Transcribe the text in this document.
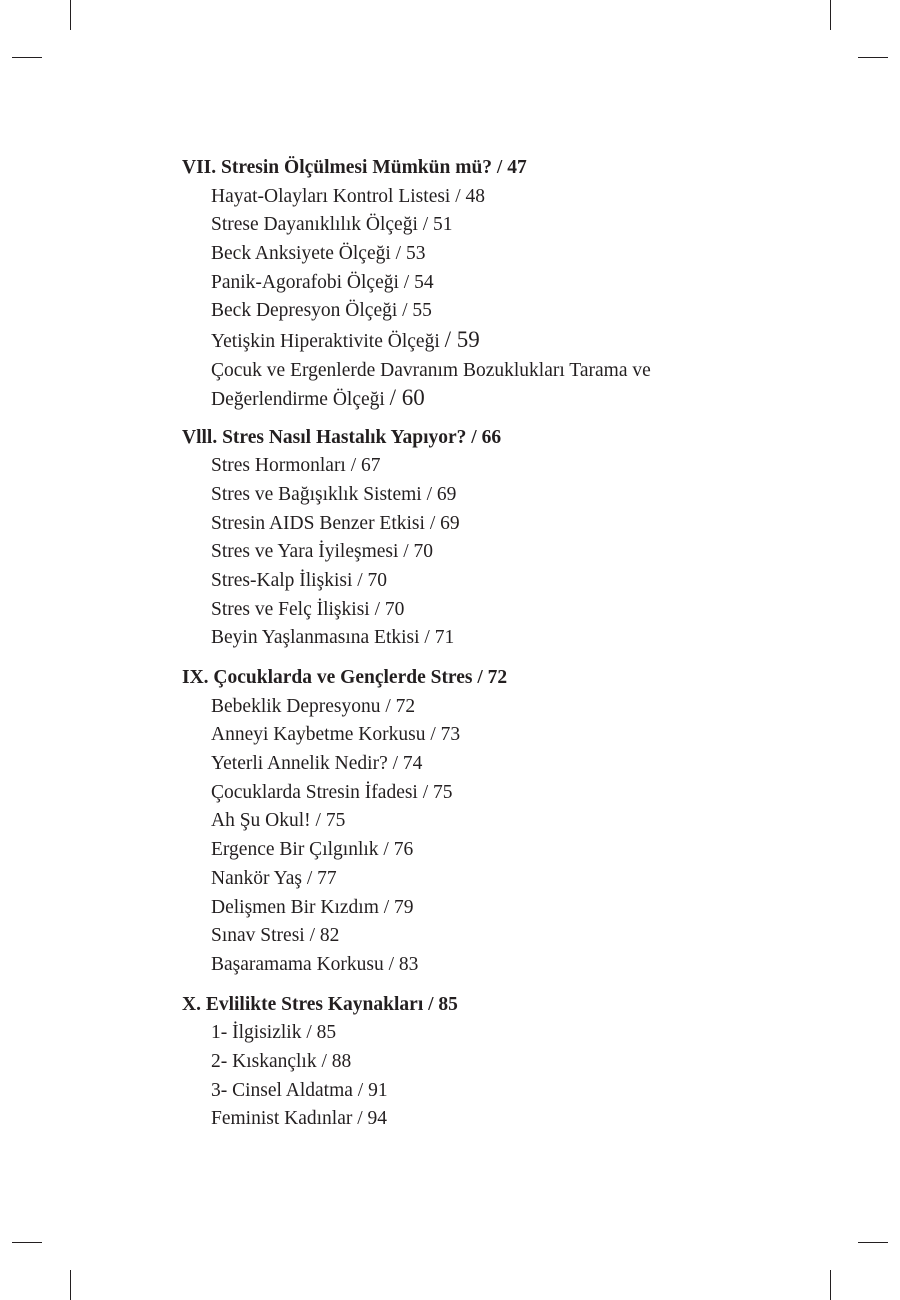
VII. Stresin Ölçülmesi Mümkün mü? / 47

Hayat-Olayları Kontrol Listesi / 48
Strese Dayanıklılık Ölçeği / 51
Beck Anksiyete Ölçeği / 53
Panik-Agorafobi Ölçeği / 54
Beck Depresyon Ölçeği / 55
Yetişkin Hiperaktivite Ölçeği / 59
Çocuk ve Ergenlerde Davranım Bozuklukları Tarama ve
Değerlendirme Ölçeği / 60

Vlll. Stres Nasıl Hastalık Yapıyor? / 66

Stres Hormonları / 67
Stres ve Bağışıklık Sistemi / 69
Stresin AIDS Benzer Etkisi / 69
Stres ve Yara İyileşmesi / 70
Stres-Kalp İlişkisi / 70
Stres ve Felç İlişkisi / 70
Beyin Yaşlanmasına Etkisi / 71

IX. Çocuklarda ve Gençlerde Stres / 72

Bebeklik Depresyonu / 72
Anneyi Kaybetme Korkusu / 73
Yeterli Annelik Nedir? / 74
Çocuklarda Stresin İfadesi / 75
Ah Şu Okul! / 75
Ergence Bir Çılgınlık / 76
Nankör Yaş / 77
Delişmen Bir Kızdım / 79
Sınav Stresi / 82
Başaramama Korkusu / 83

X. Evlilikte Stres Kaynakları / 85

1- İlgisizlik / 85
2- Kıskançlık / 88
3- Cinsel Aldatma / 91
Feminist Kadınlar / 94
